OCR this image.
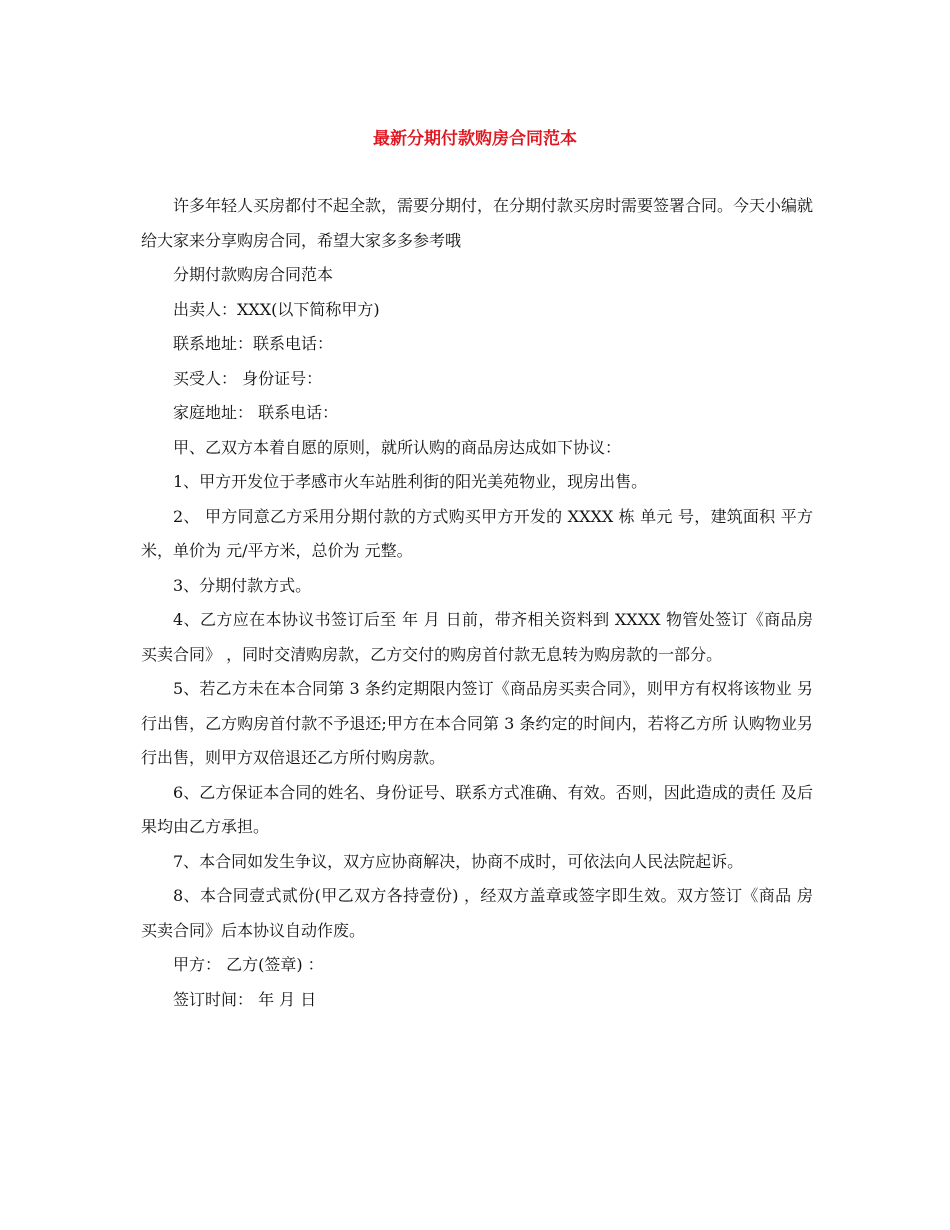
最新分期付款购房合同范本

许多年轻人买房都付不起全款，需要分期付，在分期付款买房时需要签署合同。今天小编就给大家来分享购房合同，希望大家多多参考哦

分期付款购房合同范本

出卖人：XXX(以下简称甲方)

联系地址：联系电话：

买受人： 身份证号：

家庭地址： 联系电话：

甲、乙双方本着自愿的原则，就所认购的商品房达成如下协议：

1、甲方开发位于孝感市火车站胜利街的阳光美苑物业，现房出售。

2、 甲方同意乙方采用分期付款的方式购买甲方开发的 XXXX 栋 单元 号，建筑面积 平方米，单价为 元/平方米，总价为 元整。

3、分期付款方式。

4、乙方应在本协议书签订后至 年 月 日前，带齐相关资料到 XXXX 物管处签订《商品房买卖合同》 ，同时交清购房款，乙方交付的购房首付款无息转为购房款的一部分。

5、若乙方未在本合同第 3 条约定期限内签订《商品房买卖合同》，则甲方有权将该物业 另行出售，乙方购房首付款不予退还;甲方在本合同第 3 条约定的时间内，若将乙方所 认购物业另行出售，则甲方双倍退还乙方所付购房款。

6、乙方保证本合同的姓名、身份证号、联系方式准确、有效。否则，因此造成的责任 及后果均由乙方承担。

7、本合同如发生争议，双方应协商解决，协商不成时，可依法向人民法院起诉。

8、本合同壹式贰份(甲乙双方各持壹份) ，经双方盖章或签字即生效。双方签订《商品 房买卖合同》后本协议自动作废。

甲方： 乙方(签章) ：

签订时间： 年 月 日
